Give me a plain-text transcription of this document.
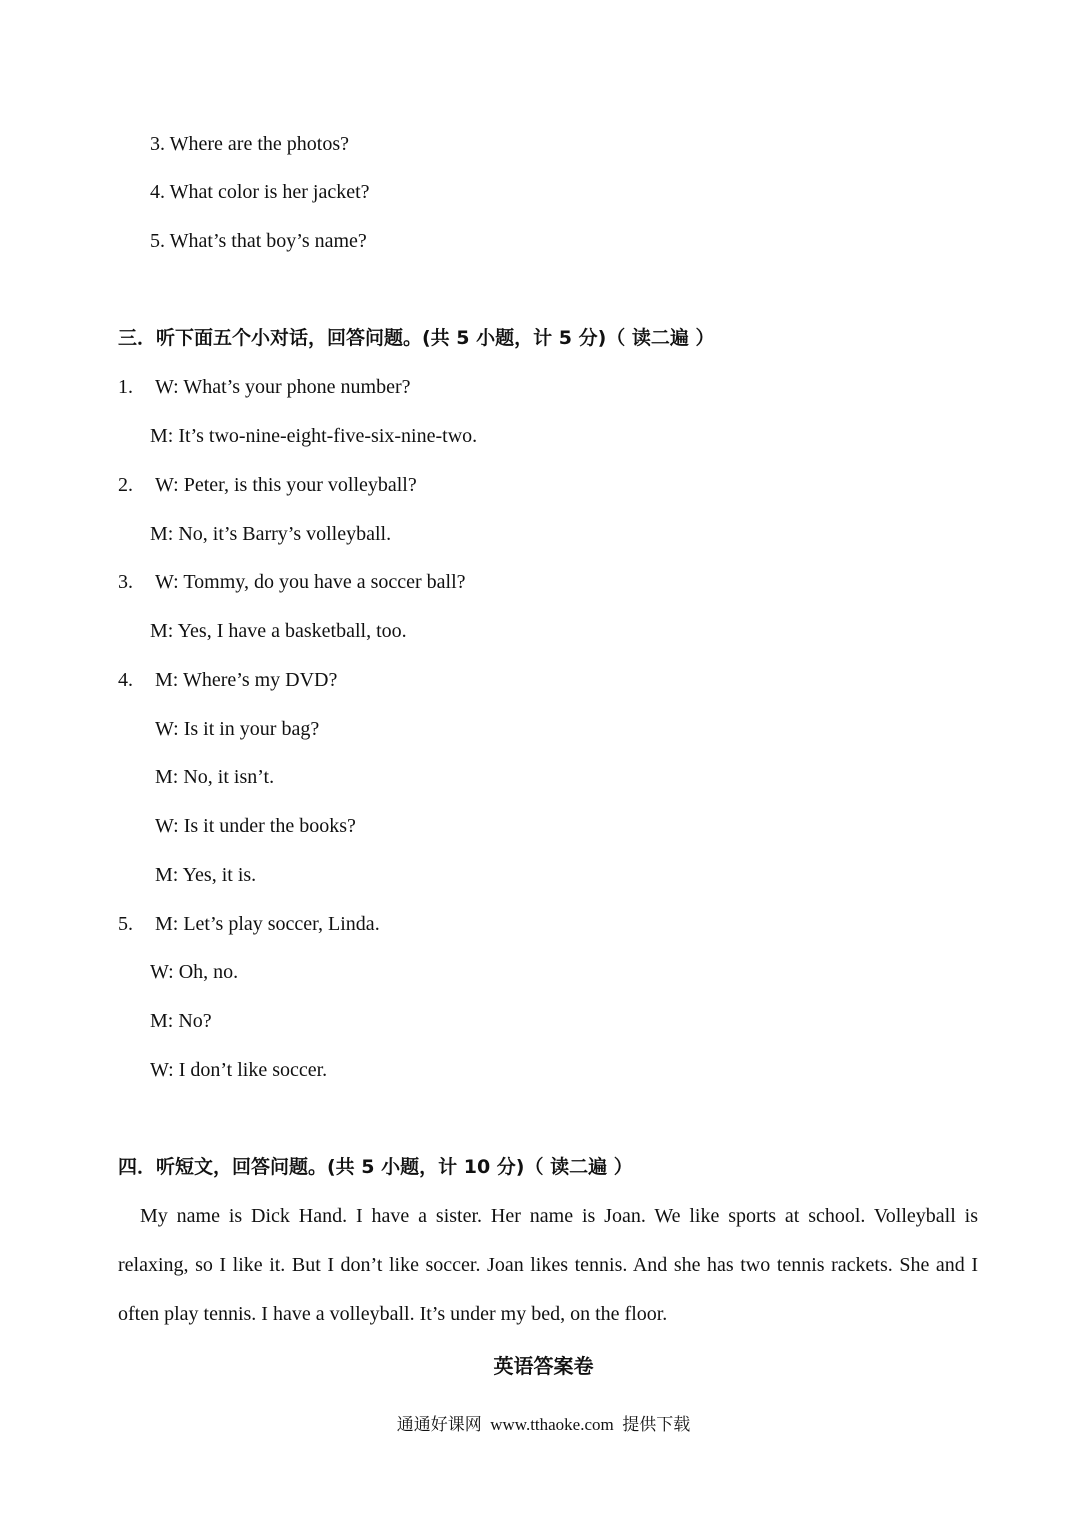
3. Where are the photos?
4. What color is her jacket?
5. What’s that boy’s name?
三．听下面五个小对话，回答问题。(共 5 小题，计 5 分)（ 读二遍 ）
1. W: What’s your phone number?
M: It’s two-nine-eight-five-six-nine-two.
2. W: Peter, is this your volleyball?
M: No, it’s Barry’s volleyball.
3. W: Tommy, do you have a soccer ball?
M: Yes, I have a basketball, too.
4. M: Where’s my DVD?
W: Is it in your bag?
M: No, it isn’t.
W: Is it under the books?
M: Yes, it is.
5. M: Let’s play soccer, Linda.
W: Oh, no.
M: No?
W: I don’t like soccer.
四．听短文，回答问题。(共 5 小题，计 10 分)（ 读二遍 ）
My name is Dick Hand. I have a sister. Her name is Joan. We like sports at school. Volleyball is relaxing, so I like it. But I don’t like soccer. Joan likes tennis. And she has two tennis rackets. She and I often play tennis. I have a volleyball. It’s under my bed, on the floor.
英语答案卷
通通好课网  www.tthaoke.com  提供下载
